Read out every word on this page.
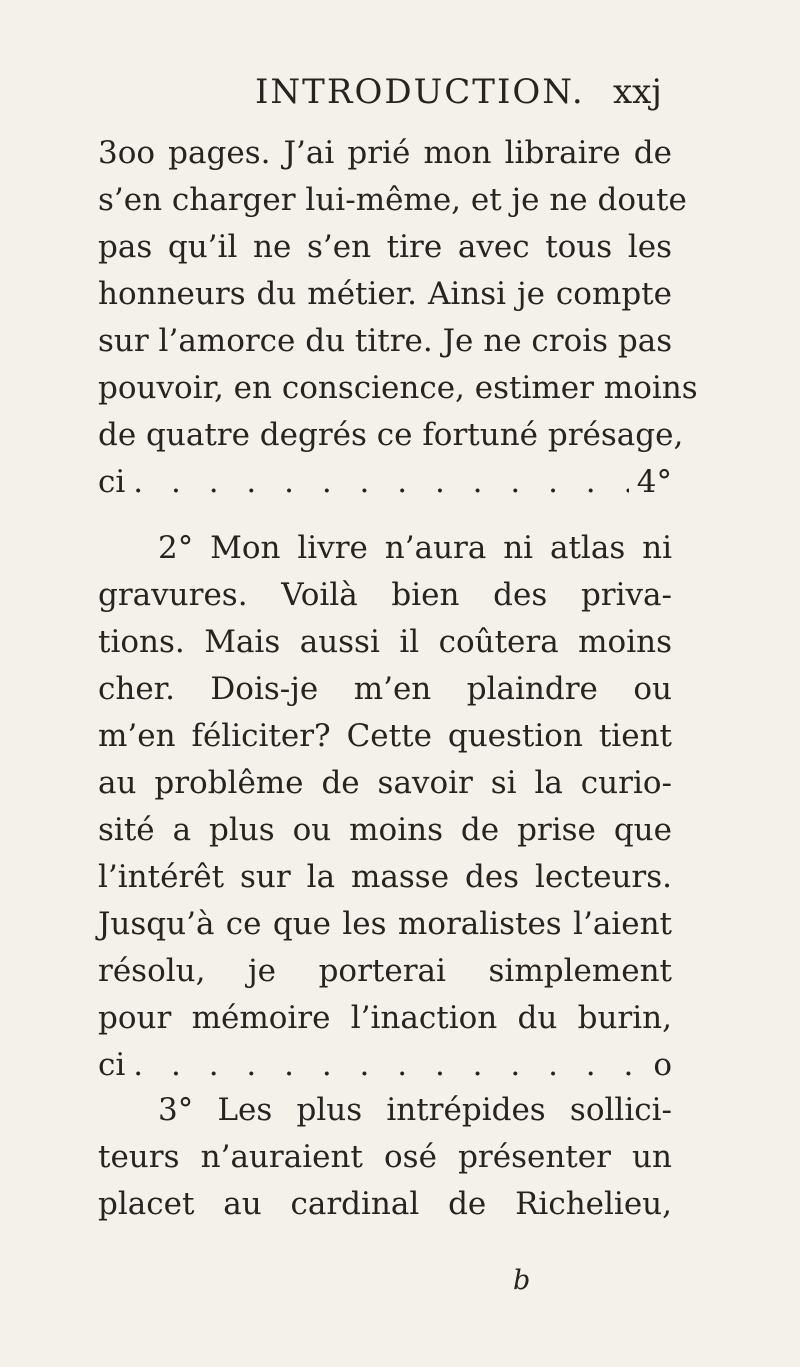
INTRODUCTION. xxj
3oo pages. J’ai prié mon libraire de
s’en charger lui-même, et je ne doute
pas qu’il ne s’en tire avec tous les
honneurs du métier. Ainsi je compte
sur l’amorce du titre. Je ne crois pas
pouvoir, en conscience, estimer moins
de quatre degrés ce fortuné présage,
ci . . .	4°
2° Mon livre n’aura ni atlas ni
gravures. Voilà bien des priva-
tions. Mais aussi il coûtera moins
cher. Dois-je m’en plaindre ou
m’en féliciter? Cette question tient
au problême de savoir si la curio-
sité a plus ou moins de prise que
l’intérêt sur la masse des lecteurs.
Jusqu’à ce que les moralistes l’aient
résolu, je porterai simplement
pour mémoire l’inaction du burin,
ci . . .	o
3° Les plus intrépides sollici-
teurs n’auraient osé présenter un
placet au cardinal de Richelieu,
b
